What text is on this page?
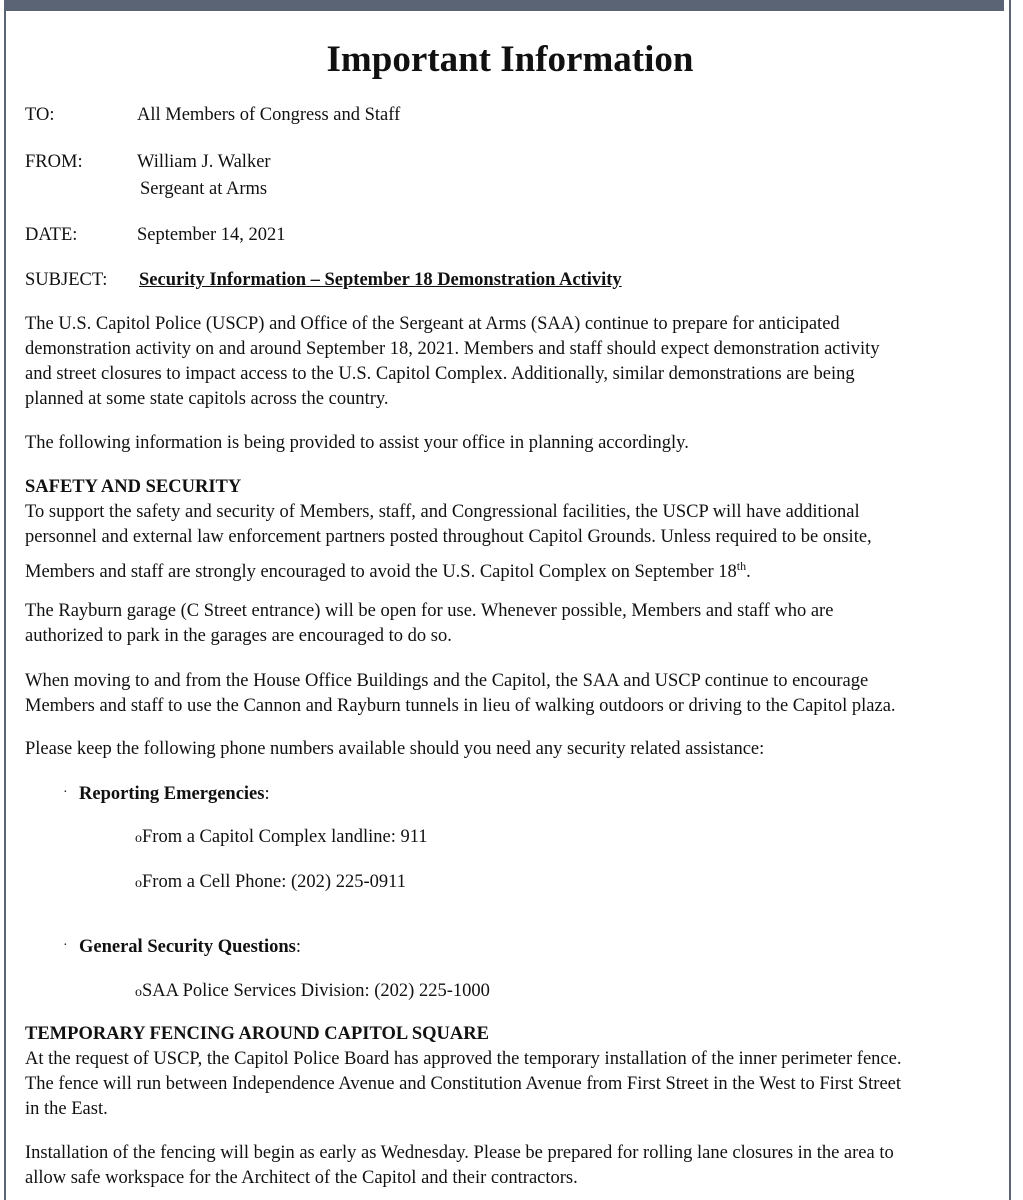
Important Information
TO:	All Members of Congress and Staff
FROM:	William J. Walker
Sergeant at Arms
DATE:	September 14, 2021
SUBJECT: Security Information – September 18 Demonstration Activity
The U.S. Capitol Police (USCP) and Office of the Sergeant at Arms (SAA) continue to prepare for anticipated
demonstration activity on and around September 18, 2021. Members and staff should expect demonstration activity
and street closures to impact access to the U.S. Capitol Complex. Additionally, similar demonstrations are being
planned at some state capitols across the country.
The following information is being provided to assist your office in planning accordingly.
SAFETY AND SECURITY
To support the safety and security of Members, staff, and Congressional facilities, the USCP will have additional
personnel and external law enforcement partners posted throughout Capitol Grounds. Unless required to be onsite,
Members and staff are strongly encouraged to avoid the U.S. Capitol Complex on September 18th.
The Rayburn garage (C Street entrance) will be open for use. Whenever possible, Members and staff who are
authorized to park in the garages are encouraged to do so.
When moving to and from the House Office Buildings and the Capitol, the SAA and USCP continue to encourage
Members and staff to use the Cannon and Rayburn tunnels in lieu of walking outdoors or driving to the Capitol plaza.
Please keep the following phone numbers available should you need any security related assistance:
· Reporting Emergencies:
oFrom a Capitol Complex landline: 911
oFrom a Cell Phone: (202) 225-0911
· General Security Questions:
oSAA Police Services Division: (202) 225-1000
TEMPORARY FENCING AROUND CAPITOL SQUARE
At the request of USCP, the Capitol Police Board has approved the temporary installation of the inner perimeter fence.
The fence will run between Independence Avenue and Constitution Avenue from First Street in the West to First Street
in the East.
Installation of the fencing will begin as early as Wednesday. Please be prepared for rolling lane closures in the area to
allow safe workspace for the Architect of the Capitol and their contractors.
